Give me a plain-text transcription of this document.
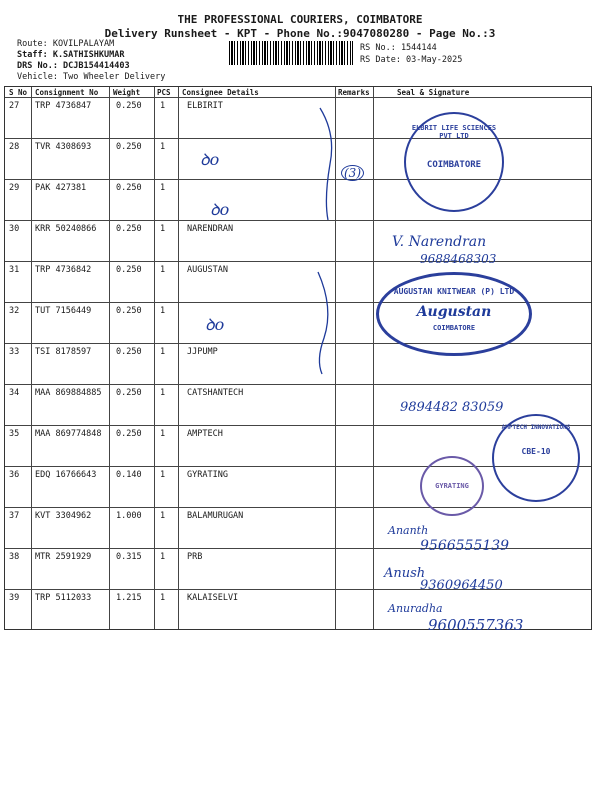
THE PROFESSIONAL COURIERS, COIMBATORE
Delivery Runsheet - KPT - Phone No.:9047080280 - Page No.:3
Route: KOVILPALAYAM
Staff: K.SATHISHKUMAR
DRS No.: DCJB154414403
Vehicle: Two Wheeler Delivery
RS No.: 1544144
RS Date: 03-May-2025
S No Consignment No Weight PCS Consignee Details	Remarks	Seal & Signature
27 TRP 4736847	0.250 1	ELBIRIT
28 TVR 4308693	0.250 1
29 PAK 427381	0.250 1
30 KRR 50240866 0.250 1	NARENDRAN
31 TRP 4736842	0.250 1	AUGUSTAN
32 TUT 7156449	0.250 1
33 TSI 8178597	0.250 1	JJPUMP
34 MAA 869884885 0.250 1	CATSHANTECH
35 MAA 869774848 0.250 1	AMPTECH
36 EDQ 16766643 0.140 1	GYRATING
37 KVT 3304962	1.000 1	BALAMURUGAN
38 MTR 2591929	0.315 1	PRB
39 TRP 5112033	1.215 1	KALAISELVI
ꝺo
ꝺo
ꝺo
(3)
V. Narendran
9688468303
9894482 83059
Ananth
9566555139
Anush
9360964450
Anuradha
9600557363
ELBRIT LIFE SCIENCES PVT LTD
COIMBATORE
AUGUSTAN KNITWEAR (P) LTD
Augustan
COIMBATORE
AMPTECH INNOVATIONS
CBE-10
GYRATING
